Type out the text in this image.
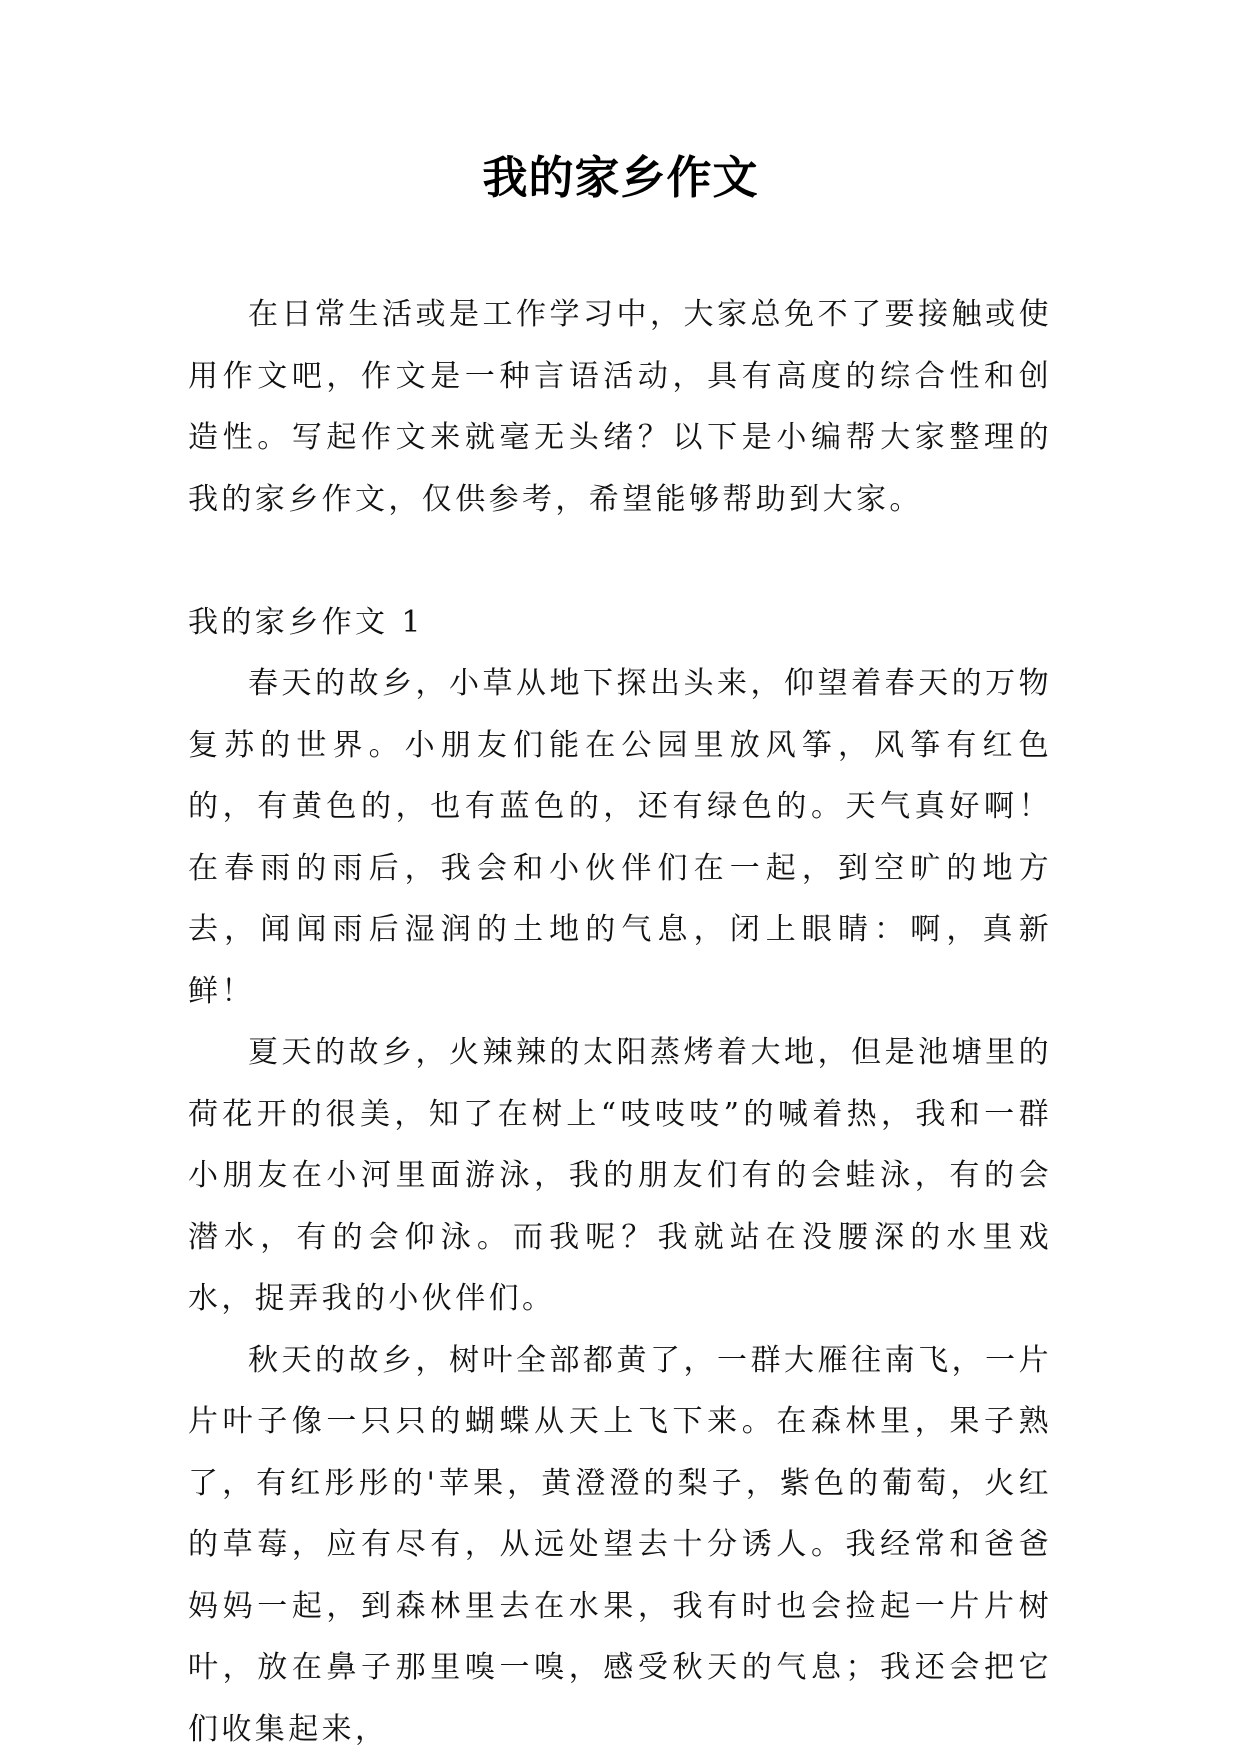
我的家乡作文

在日常生活或是工作学习中，大家总免不了要接触或使用作文吧，作文是一种言语活动，具有高度的综合性和创造性。写起作文来就毫无头绪？以下是小编帮大家整理的我的家乡作文，仅供参考，希望能够帮助到大家。

我的家乡作文 1

春天的故乡，小草从地下探出头来，仰望着春天的万物复苏的世界。小朋友们能在公园里放风筝，风筝有红色的，有黄色的，也有蓝色的，还有绿色的。天气真好啊！在春雨的雨后，我会和小伙伴们在一起，到空旷的地方去，闻闻雨后湿润的土地的气息，闭上眼睛：啊，真新鲜！

夏天的故乡，火辣辣的太阳蒸烤着大地，但是池塘里的荷花开的很美，知了在树上“吱吱吱”的喊着热，我和一群小朋友在小河里面游泳，我的朋友们有的会蛙泳，有的会潜水，有的会仰泳。而我呢？我就站在没腰深的水里戏水，捉弄我的小伙伴们。

秋天的故乡，树叶全部都黄了，一群大雁往南飞，一片片叶子像一只只的蝴蝶从天上飞下来。在森林里，果子熟了，有红彤彤的'苹果，黄澄澄的梨子，紫色的葡萄，火红的草莓，应有尽有，从远处望去十分诱人。我经常和爸爸妈妈一起，到森林里去在水果，我有时也会捡起一片片树叶，放在鼻子那里嗅一嗅，感受秋天的气息；我还会把它们收集起来，
